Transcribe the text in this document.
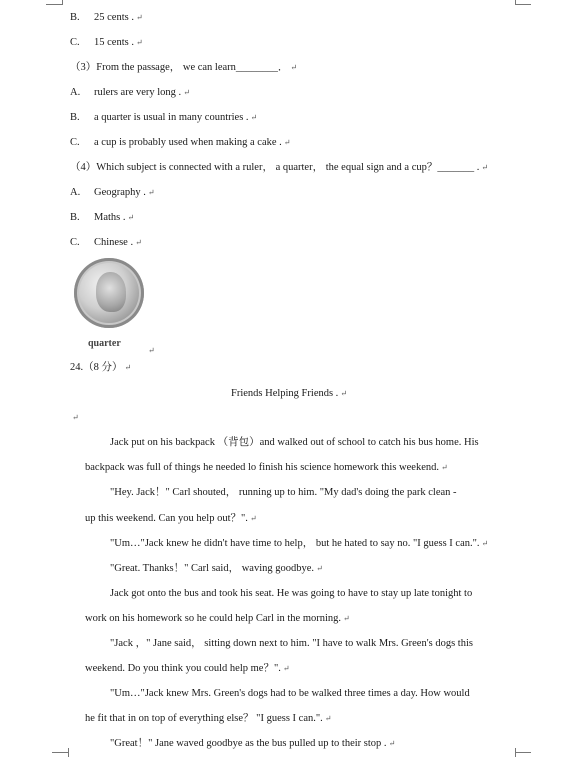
B. 25 cents . ↵
C. 15 cents . ↵
（3）From the passage， we can learn________． ↵
A. rulers are very long . ↵
B. a quarter is usual in many countries . ↵
C. a cup is probably used when making a cake . ↵
（4）Which subject is connected with a ruler， a quarter， the equal sign and a cup？_______ . ↵
A. Geography . ↵
B. Maths . ↵
C. Chinese . ↵
quarter
↵
24.（8 分） ↵
Friends Helping Friends . ↵
↵
Jack put on his backpack （背包）and walked out of school to catch his bus home. His
backpack was full of things he needed lo finish his science homework this weekend. ↵
"Hey. Jack！" Carl shouted， running up to him. "My dad's doing the park clean -
up this weekend. Can you help out？". ↵
"Um…"Jack knew he didn't have time to help， but he hated to say no. "I guess I can.". ↵
"Great. Thanks！" Carl said， waving goodbye. ↵
Jack got onto the bus and took his seat. He was going to have to stay up late tonight to
work on his homework so he could help Carl in the morning. ↵
"Jack ，" Jane said， sitting down next to him. "I have to walk Mrs. Green's dogs this
weekend. Do you think you could help me？". ↵
"Um…"Jack knew Mrs. Green's dogs had to be walked three times a day. How would
he fit that in on top of everything else？ "I guess I can.". ↵
"Great！" Jane waved goodbye as the bus pulled up to their stop . ↵
